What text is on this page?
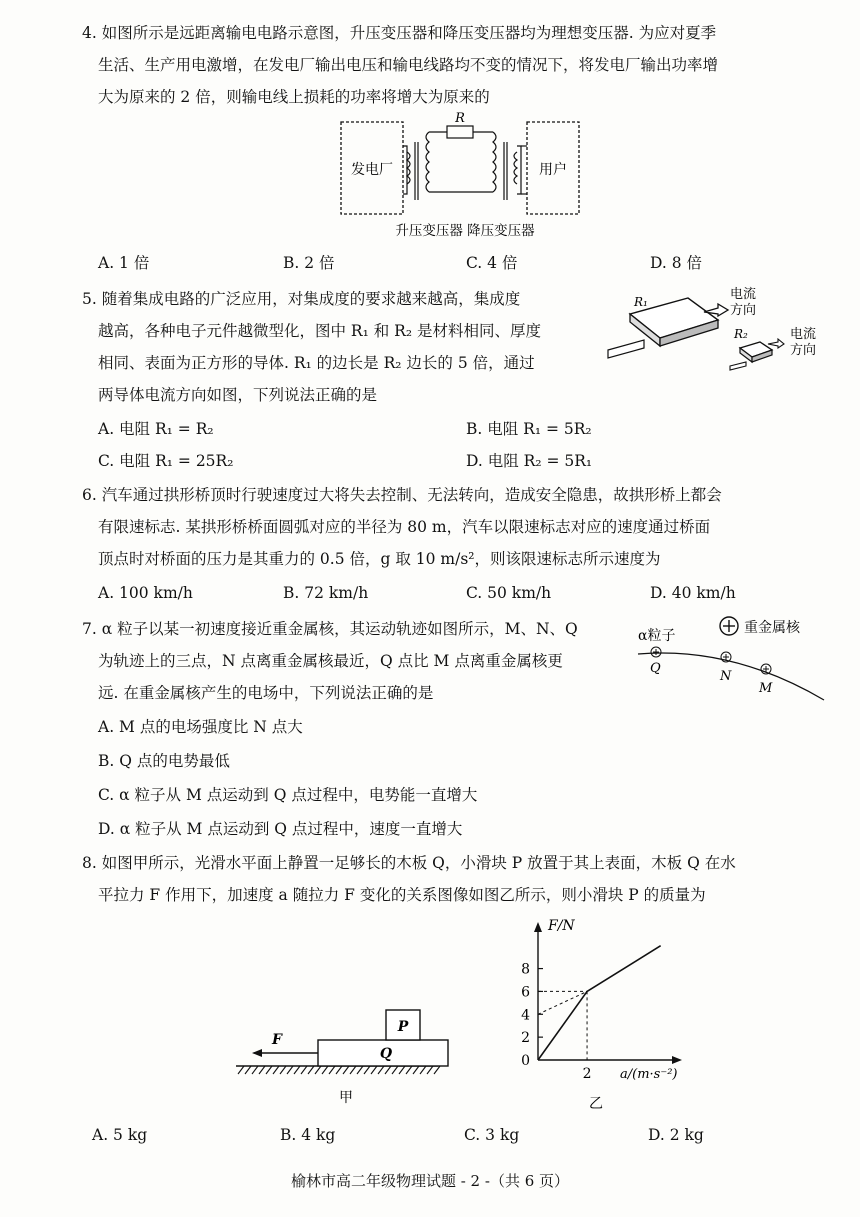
4. 如图所示是远距离输电电路示意图，升压变压器和降压变压器均为理想变压器. 为应对夏季
生活、生产用电激增，在发电厂输出电压和输电线路均不变的情况下，将发电厂输出功率增
大为原来的 2 倍，则输电线上损耗的功率将增大为原来的
发电厂	用户
R
升压变压器 降压变压器
A. 1 倍	B. 2 倍	C. 4 倍	D. 8 倍
5. 随着集成电路的广泛应用，对集成度的要求越来越高，集成度
越高，各种电子元件越微型化，图中 R₁ 和 R₂ 是材料相同、厚度
相同、表面为正方形的导体. R₁ 的边长是 R₂ 边长的 5 倍，通过
两导体电流方向如图，下列说法正确的是
R₁	电流
方向
R₂	电流
方向
A. 电阻 R₁ = R₂	B. 电阻 R₁ = 5R₂
C. 电阻 R₁ = 25R₂	D. 电阻 R₂ = 5R₁
6. 汽车通过拱形桥顶时行驶速度过大将失去控制、无法转向，造成安全隐患，故拱形桥上都会
有限速标志. 某拱形桥桥面圆弧对应的半径为 80 m，汽车以限速标志对应的速度通过桥面
顶点时对桥面的压力是其重力的 0.5 倍，g 取 10 m/s²，则该限速标志所示速度为
A. 100 km/h	B. 72 km/h	C. 50 km/h	D. 40 km/h
7. α 粒子以某一初速度接近重金属核，其运动轨迹如图所示，M、N、Q
为轨迹上的三点，N 点离重金属核最近，Q 点比 M 点离重金属核更
远. 在重金属核产生的电场中，下列说法正确的是
α粒子	重金属核
Q
N
M
A. M 点的电场强度比 N 点大
B. Q 点的电势最低
C. α 粒子从 M 点运动到 Q 点过程中，电势能一直增大
D. α 粒子从 M 点运动到 Q 点过程中，速度一直增大
8. 如图甲所示，光滑水平面上静置一足够长的木板 Q，小滑块 P 放置于其上表面，木板 Q 在水
平拉力 F 作用下，加速度 a 随拉力 F 变化的关系图像如图乙所示，则小滑块 P 的质量为
P
Q
F
甲
0
2
4
6
8
2
F/N
a/(m·s⁻²)
乙
A. 5 kg	B. 4 kg	C. 3 kg	D. 2 kg
榆林市高二年级物理试题 - 2 -（共 6 页）
